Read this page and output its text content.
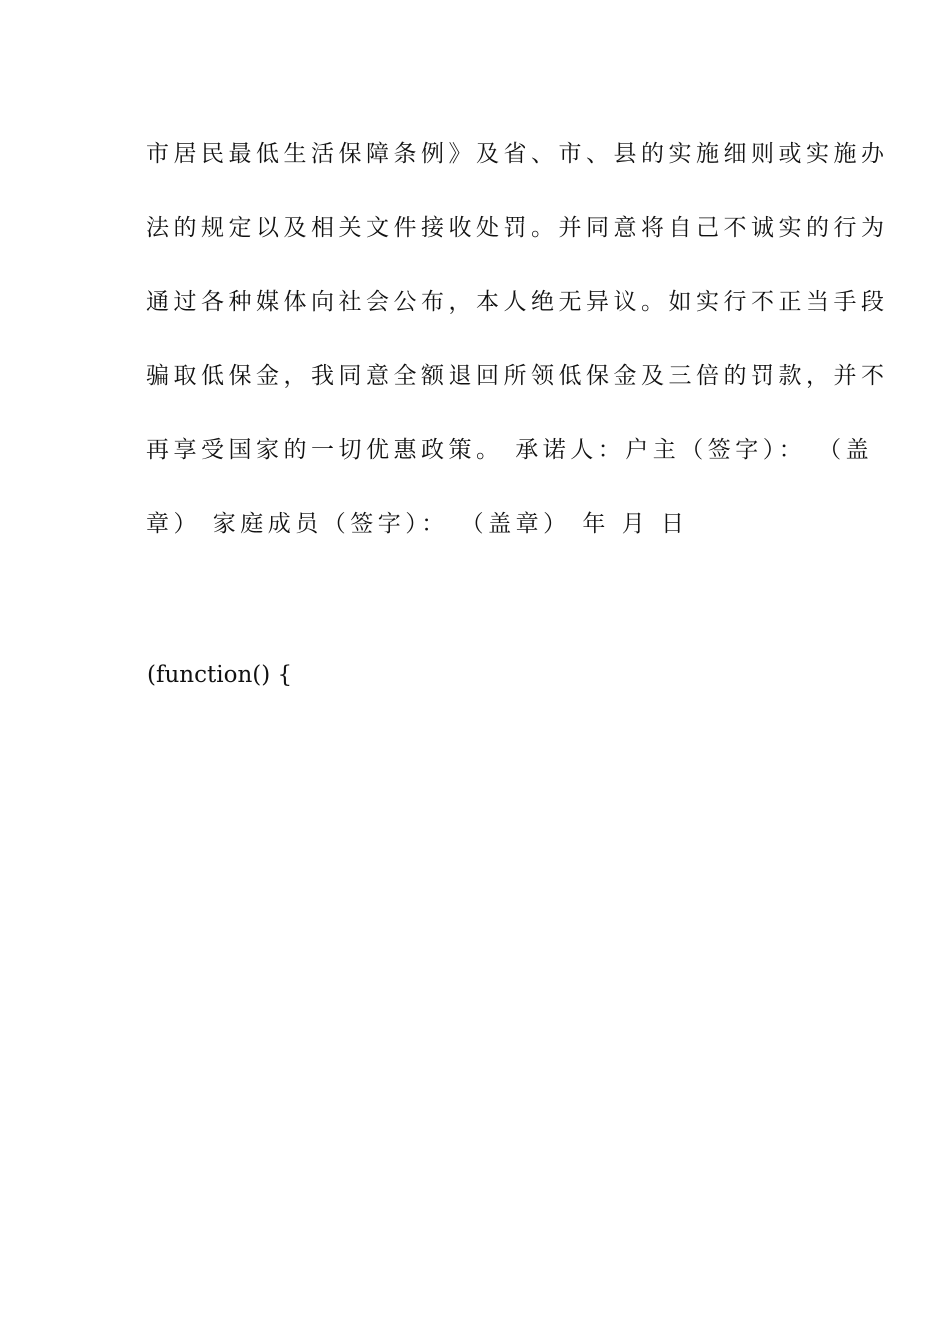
市居民最低生活保障条例》及省、市、县的实施细则或实施办
法的规定以及相关文件接收处罚。并同意将自己不诚实的行为
通过各种媒体向社会公布，本人绝无异议。如实行不正当手段
骗取低保金，我同意全额退回所领低保金及三倍的罚款，并不
再享受国家的一切优惠政策。 承诺人：户主（签字）： （盖
章） 家庭成员（签字）： （盖章） 年 月 日
(function() {
